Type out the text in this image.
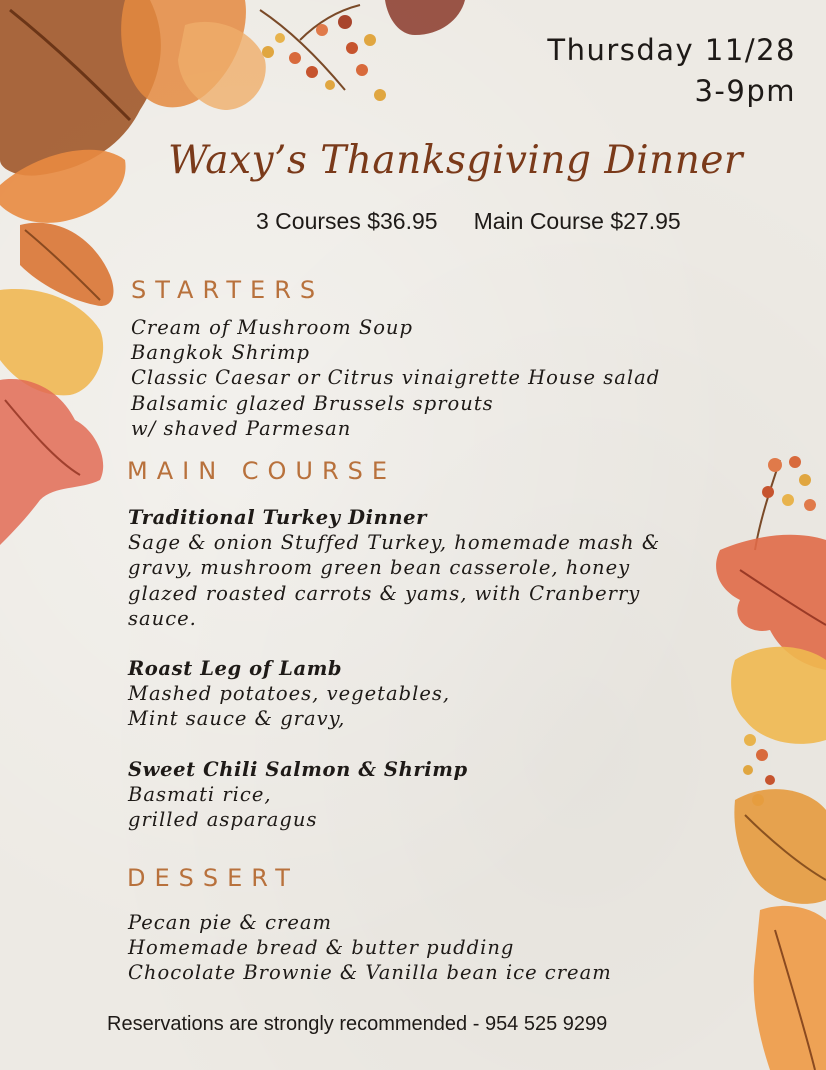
Thursday 11/28
3-9pm
Waxy’s Thanksgiving Dinner
3 Courses $36.95 Main Course $27.95
STARTERS
Cream of Mushroom Soup
Bangkok Shrimp
Classic Caesar or Citrus vinaigrette House salad
Balsamic glazed Brussels sprouts
w/ shaved Parmesan
MAIN COURSE
Traditional Turkey Dinner
Sage & onion Stuffed Turkey, homemade mash &
gravy, mushroom green bean casserole, honey
glazed roasted carrots & yams, with Cranberry
sauce.
Roast Leg of Lamb
Mashed potatoes, vegetables,
Mint sauce & gravy,
Sweet Chili Salmon & Shrimp
Basmati rice,
grilled asparagus
DESSERT
Pecan pie & cream
Homemade bread & butter pudding
Chocolate Brownie & Vanilla bean ice cream
Reservations are strongly recommended - 954 525 9299
